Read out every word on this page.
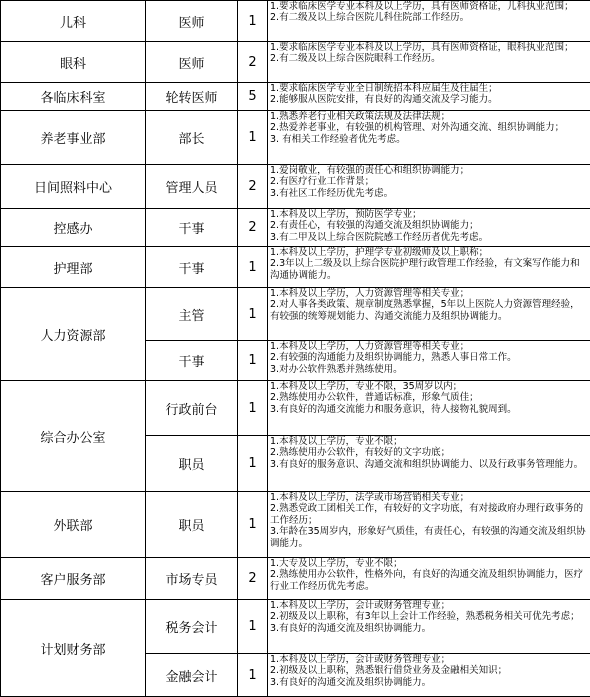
儿科	医师	1	1.要求临床医学专业本科及以上学历，具有医师资格证，儿科执业范围；
2.有二级及以上综合医院儿科住院部工作经历。

眼科	医师	2	1.要求临床医学专业本科及以上学历，具有医师资格证，眼科执业范围；
2.有二级及以上综合医院眼科工作经历。

各临床科室	轮转医师	5	1.要求临床医学专业全日制统招本科应届生及往届生；
2.能够服从医院安排，有良好的沟通交流及学习能力。

养老事业部	部长	1	1.熟悉养老行业相关政策法规及法律法规；
2.热爱养老事业，有较强的机构管理、对外沟通交流、组织协调能力；
3. 有相关工作经验者优先考虑。

日间照料中心	管理人员	2	1.爱岗敬业，有较强的责任心和组织协调能力；
2.有医疗行业工作背景；
3.有社区工作经历优先考虑。

控感办	干事	2	1.本科及以上学历，预防医学专业；
2.有责任心，有较强的沟通交流及组织协调能力；
3.有二甲及以上综合医院院感工作经历者优先考虑。

护理部	干事	1	1.本科及以上学历，护理学专业初级师及以上职称；
2.3年以上二级及以上综合医院护理行政管理工作经验，有文案写作能力和沟通协调能力。

人力资源部	主管	1	1.本科及以上学历，人力资源管理等相关专业；
2.对人事各类政策、规章制度熟悉掌握，5年以上医院人力资源管理经验，有较强的统筹规划能力、沟通交流能力及组织协调能力。

	干事	1	1.本科及以上学历，人力资源管理等相关专业；
2.有较强的沟通能力及组织协调能力，熟悉人事日常工作。
3.对办公软件熟悉并熟练使用。

综合办公室	行政前台	1	1.本科及以上学历，专业不限，35周岁以内；
2.熟练使用办公软件，普通话标准，形象气质佳；
3.有良好的沟通交流能力和服务意识，待人接物礼貌周到。

	职员	1	1.本科及以上学历，专业不限；
2.熟练使用办公软件，有较好的文字功底；
3.有良好的服务意识、沟通交流和组织协调能力、以及行政事务管理能力。

外联部	职员	1	1.本科及以上学历，法学或市场营销相关专业；
2.熟悉党政工团相关工作，有较好的文字功底，有对接政府办理行政事务的工作经历；
3.年龄在35周岁内，形象好气质佳，有责任心，有较强的沟通交流及组织协调能力。

客户服务部	市场专员	2	1.大专及以上学历，专业不限；
2.熟练使用办公软件，性格外向，有良好的沟通交流及组织协调能力，医疗行业工作经历优先考虑。

计划财务部	税务会计	1	1.本科及以上学历，会计或财务管理专业；
2.初级及以上职称，有3年以上会计工作经验，熟悉税务相关可优先考虑；
3.有良好的沟通交流及组织协调能力。

	金融会计	1	1.本科及以上学历，会计或财务管理专业；
2.初级及以上职称，熟悉银行借贷业务及金融相关知识；
3.有良好的沟通交流及组织协调能力。
